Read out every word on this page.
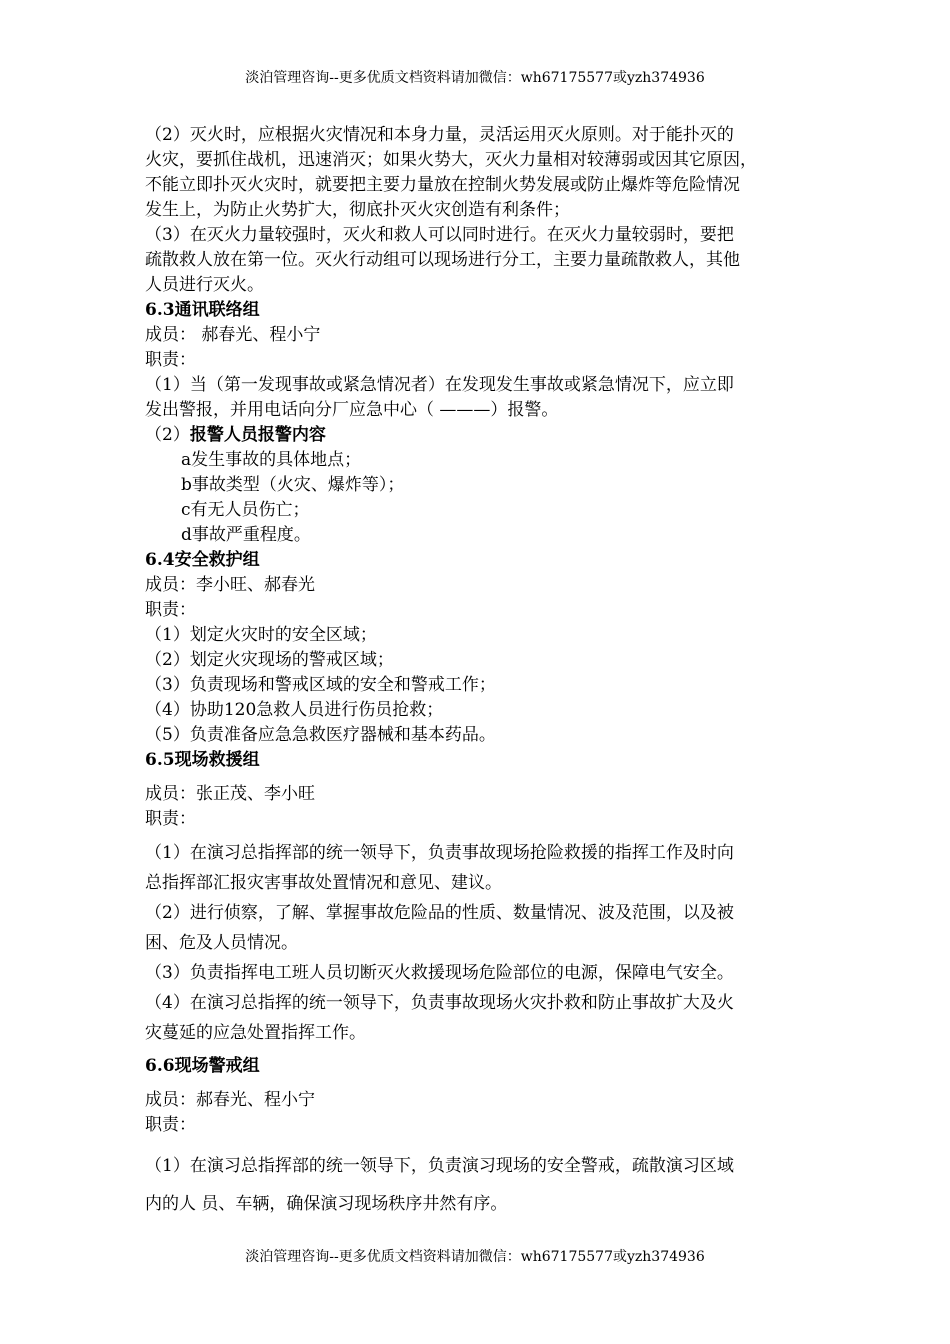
淡泊管理咨询--更多优质文档资料请加微信：wh67175577或yzh374936
（2）灭火时，应根据火灾情况和本身力量，灵活运用灭火原则。对于能扑灭的
火灾，要抓住战机，迅速消灭；如果火势大，灭火力量相对较薄弱或因其它原因，
不能立即扑灭火灾时，就要把主要力量放在控制火势发展或防止爆炸等危险情况
发生上，为防止火势扩大，彻底扑灭火灾创造有利条件；
（3）在灭火力量较强时，灭火和救人可以同时进行。在灭火力量较弱时，要把
疏散救人放在第一位。灭火行动组可以现场进行分工，主要力量疏散救人，其他
人员进行灭火。
6.3通讯联络组
成员： 郝春光、程小宁
职责：
（1）当（第一发现事故或紧急情况者）在发现发生事故或紧急情况下，应立即
发出警报，并用电话向分厂应急中心（ ———）报警。
（2）报警人员报警内容
a发生事故的具体地点；
b事故类型（火灾、爆炸等）；
c有无人员伤亡；
d事故严重程度。
6.4安全救护组
成员：李小旺、郝春光
职责：
（1）划定火灾时的安全区域；
（2）划定火灾现场的警戒区域；
（3）负责现场和警戒区域的安全和警戒工作；
（4）协助120急救人员进行伤员抢救；
（5）负责准备应急急救医疗器械和基本药品。
6.5现场救援组
成员：张正茂、李小旺
职责：
（1）在演习总指挥部的统一领导下，负责事故现场抢险救援的指挥工作及时向
总指挥部汇报灾害事故处置情况和意见、建议。
（2）进行侦察，了解、掌握事故危险品的性质、数量情况、波及范围，以及被
困、危及人员情况。
（3）负责指挥电工班人员切断灭火救援现场危险部位的电源，保障电气安全。
（4）在演习总指挥的统一领导下，负责事故现场火灾扑救和防止事故扩大及火
灾蔓延的应急处置指挥工作。
6.6现场警戒组
成员：郝春光、程小宁
职责：
（1）在演习总指挥部的统一领导下，负责演习现场的安全警戒，疏散演习区域
内的人 员、车辆，确保演习现场秩序井然有序。
淡泊管理咨询--更多优质文档资料请加微信：wh67175577或yzh374936
